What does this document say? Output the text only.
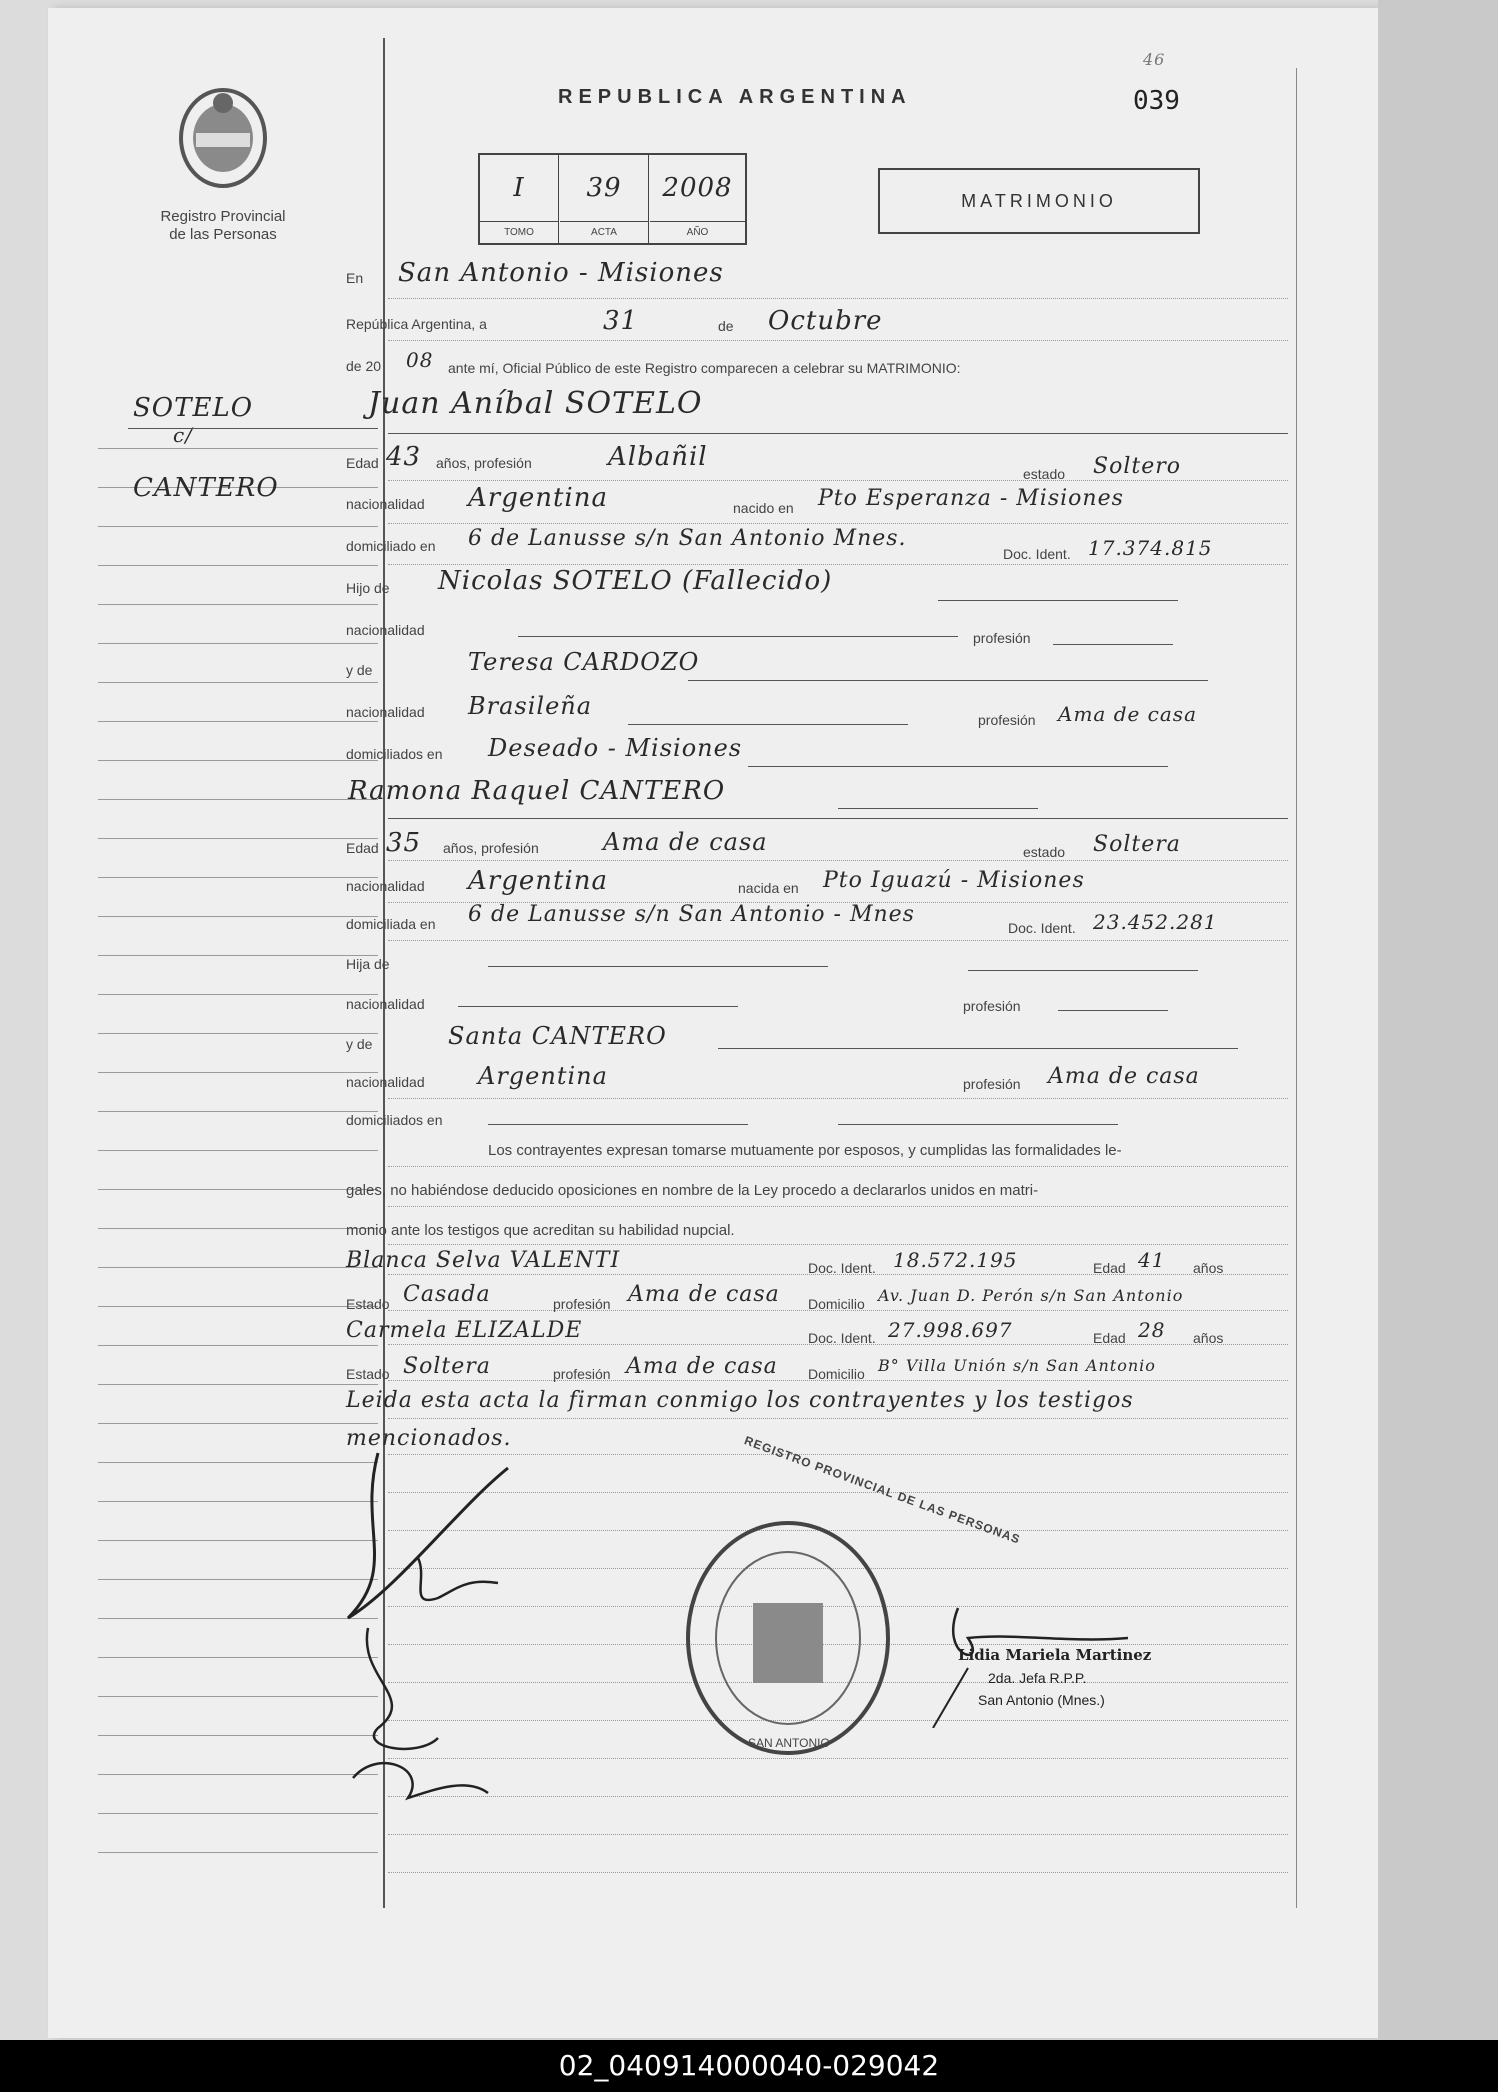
Registro Provincial
de las Personas
REPUBLICA ARGENTINA	039
46
I	39	2008
TOMO	ACTA	AÑO
MATRIMONIO
SOTELO
c/
CANTERO
En San Antonio - Misiones
República Argentina, a	31	de Octubre
de 20 08 ante mí, Oficial Público de este Registro comparecen a celebrar su MATRIMONIO:
Juan Aníbal SOTELO
Edad 43 años, profesión	Albañil
estado Soltero
nacionalidad Argentina	nacido en Pto Esperanza - Misiones
domiciliado en 6 de Lanusse s/n San Antonio Mnes.
Doc. Ident. 17.374.815
Hijo de Nicolas SOTELO (Fallecido)
nacionalidad	profesión
y de	Teresa CARDOZO
nacionalidad Brasileña	profesión Ama de casa
domiciliados en Deseado - Misiones
Ramona Raquel CANTERO
Edad 35 años, profesión	Ama de casa	estado Soltera
nacionalidad Argentina	nacida en Pto Iguazú - Misiones
domiciliada en 6 de Lanusse s/n San Antonio - Mnes
Doc. Ident. 23.452.281
Hija de
nacionalidad	profesión
y de	Santa CANTERO
nacionalidad Argentina	profesión Ama de casa
domiciliados en
Los contrayentes expresan tomarse mutuamente por esposos, y cumplidas las formalidades le-
gales, no habiéndose deducido oposiciones en nombre de la Ley procedo a declararlos unidos en matri-
monio ante los testigos que acreditan su habilidad nupcial.
Blanca Selva VALENTI	Doc. Ident. 18.572.195	Edad 41 años
Estado Casada	profesión Ama de casa Domicilio Av. Juan D. Perón s/n San Antonio
Carmela ELIZALDE	Doc. Ident. 27.998.697	Edad 28 años
Estado Soltera	profesión Ama de casa Domicilio B° Villa Unión s/n San Antonio
Leida esta acta la firman conmigo los contrayentes y los testigos
mencionados.	REGISTRO PROVINCIAL DE LAS PERSONAS
SAN ANTONIO
Lidia Mariela Martinez
2da. Jefa R.P.P.
San Antonio (Mnes.)
02_040914000040-029042
